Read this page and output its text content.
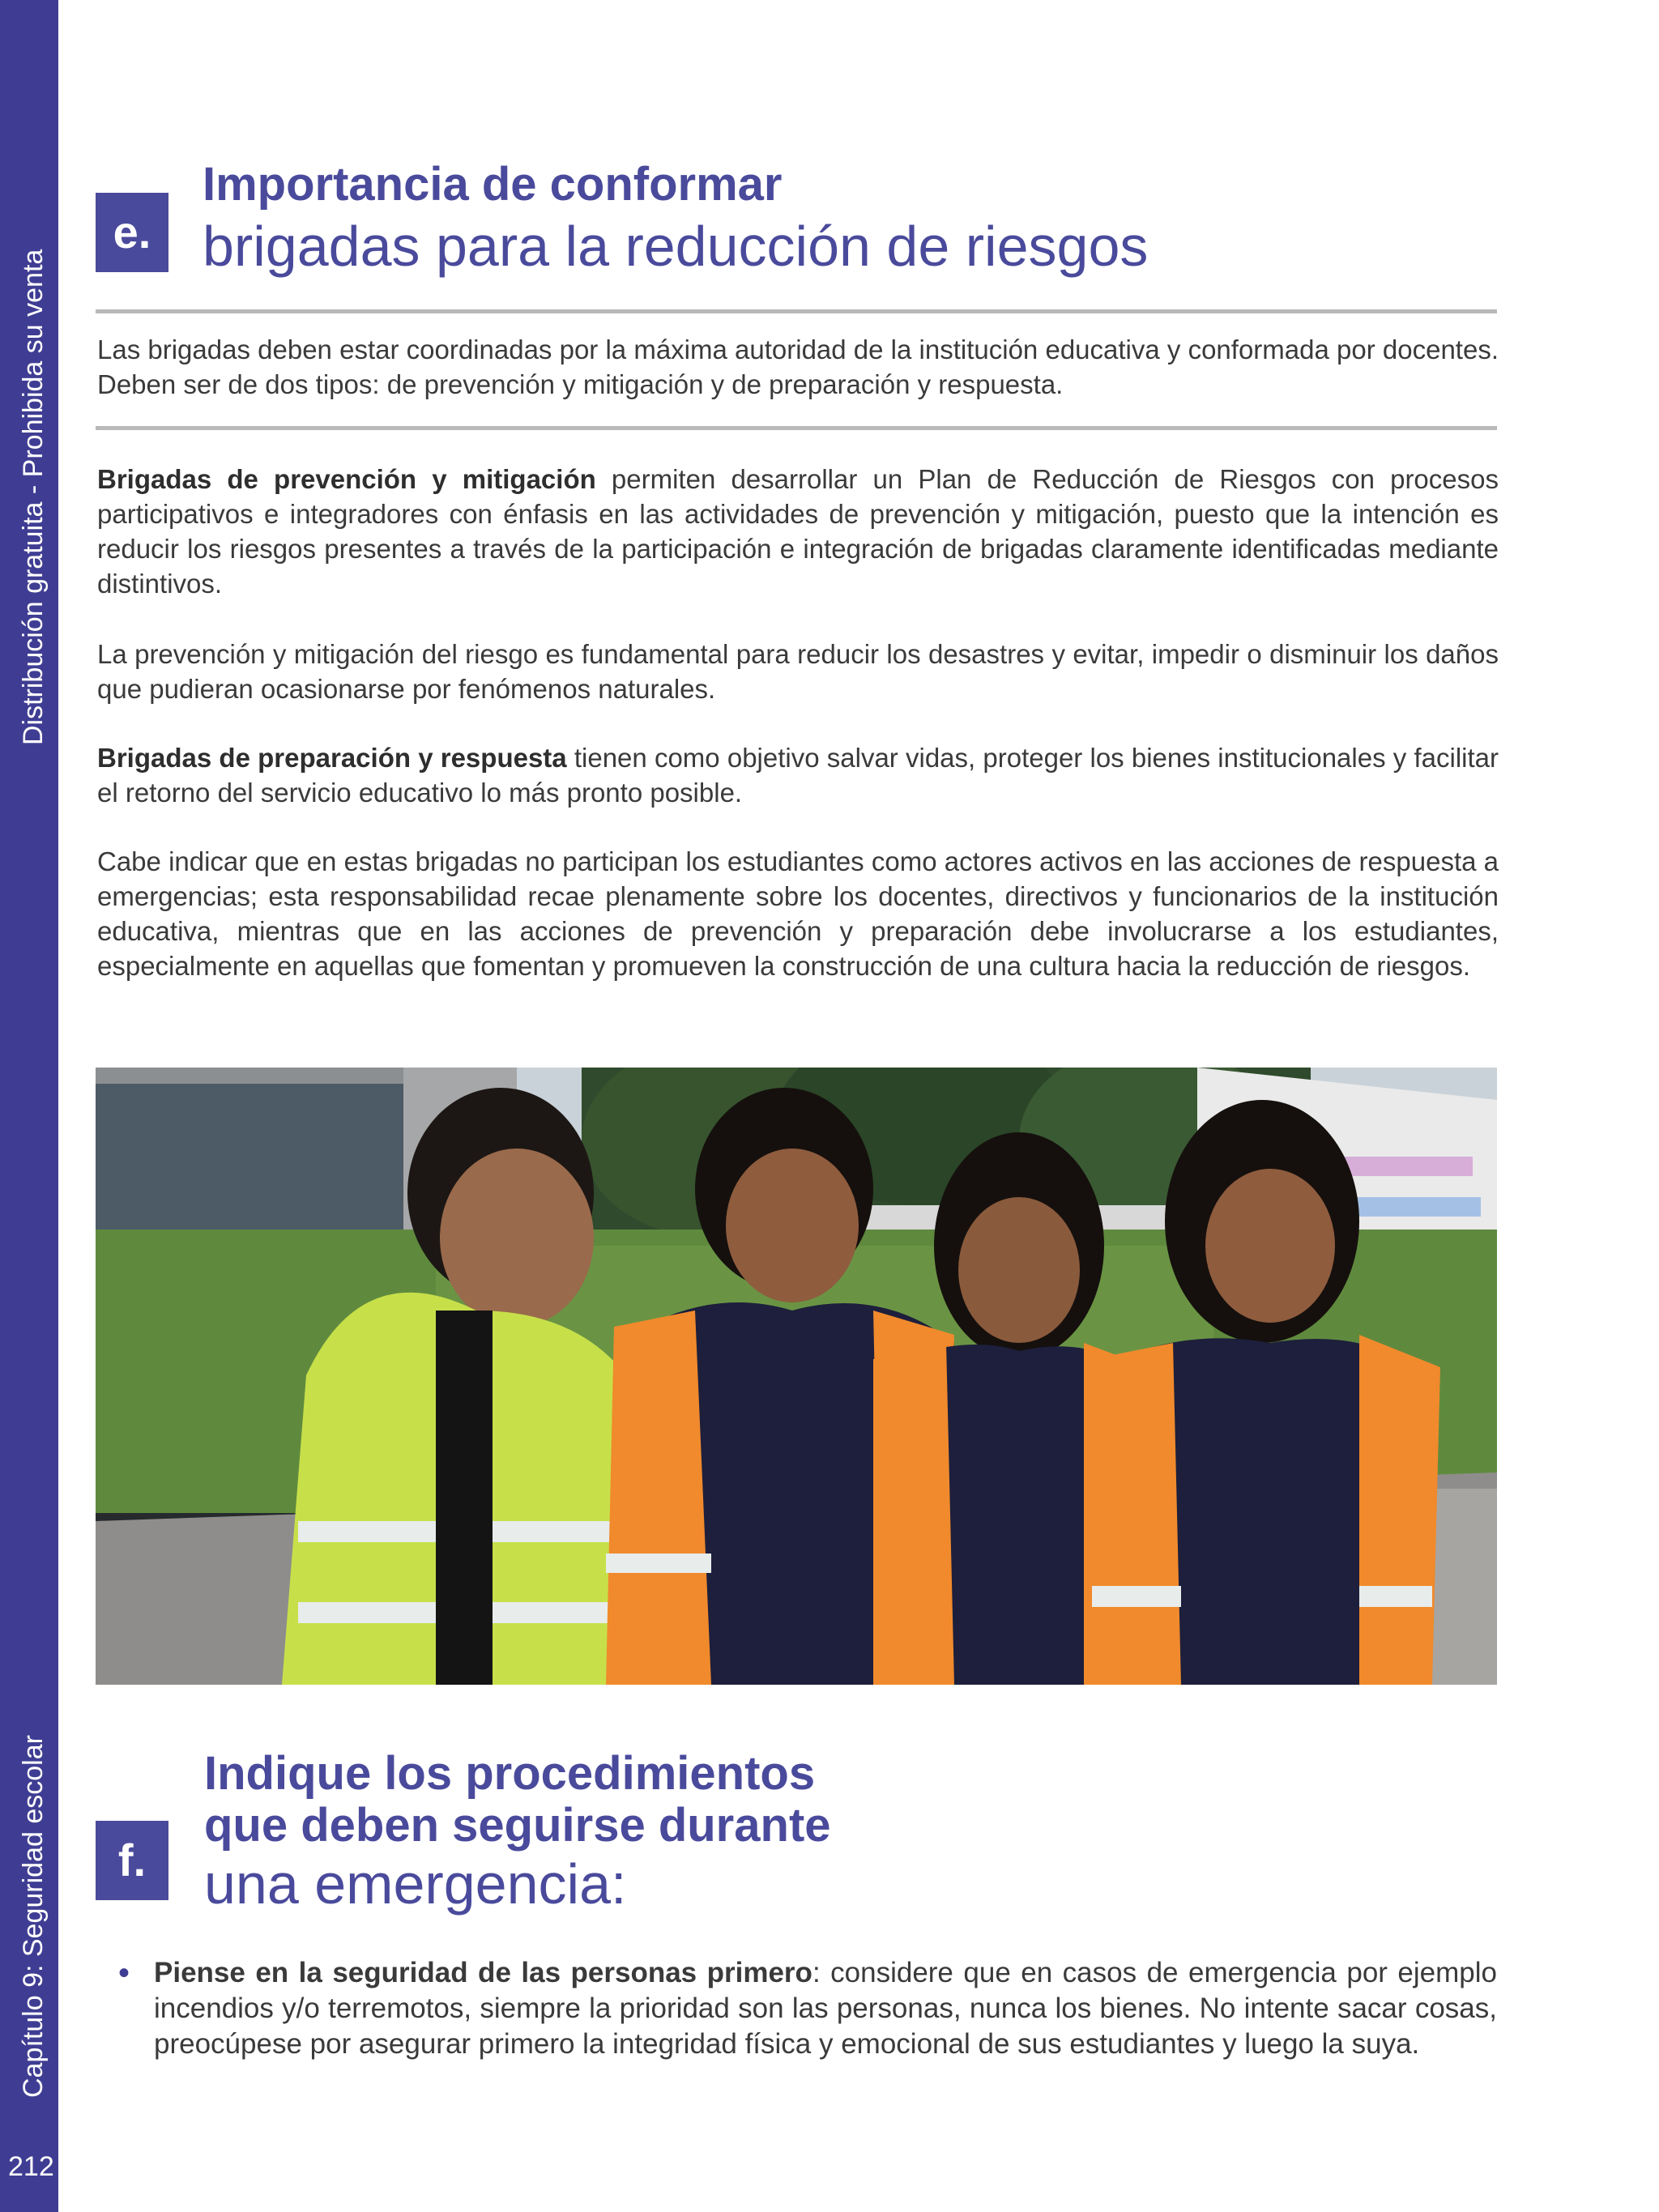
Distribución gratuita - Prohibida su venta
Capítulo 9: Seguridad escolar
212
e.
Importancia de conformar
brigadas para la reducción de riesgos
Las brigadas deben estar coordinadas por la máxima autoridad de la institución educativa y conformada por docentes. Deben ser de dos tipos: de prevención y mitigación y de preparación y respuesta.
Brigadas de prevención y mitigación permiten desarrollar un Plan de Reducción de Riesgos con procesos participativos e integradores con énfasis en las actividades de prevención y mitigación, puesto que la intención es reducir los riesgos presentes a través de la participación e integración de brigadas claramente identificadas mediante distintivos.
La prevención y mitigación del riesgo es fundamental para reducir los desastres y evitar, impedir o disminuir los daños que pudieran ocasionarse por fenómenos naturales.
Brigadas de preparación y respuesta tienen como objetivo salvar vidas, proteger los bienes institucionales y facilitar el retorno del servicio educativo lo más pronto posible.
Cabe indicar que en estas brigadas no participan los estudiantes como actores activos en las acciones de respuesta a emergencias; esta responsabilidad recae plenamente sobre los docentes, directivos y funcionarios de la institución educativa, mientras que en las acciones de prevención y preparación debe involucrarse a los estudiantes, especialmente en aquellas que fomentan y promueven la construcción de una cultura hacia la reducción de riesgos.
f.
Indique los procedimientos
que deben seguirse durante
una emergencia:
• Piense en la seguridad de las personas primero: considere que en casos de emergencia por ejemplo incendios y/o terremotos, siempre la prioridad son las personas, nunca los bienes. No intente sacar cosas, preocúpese por asegurar primero la integridad física y emocional de sus estudiantes y luego la suya.
